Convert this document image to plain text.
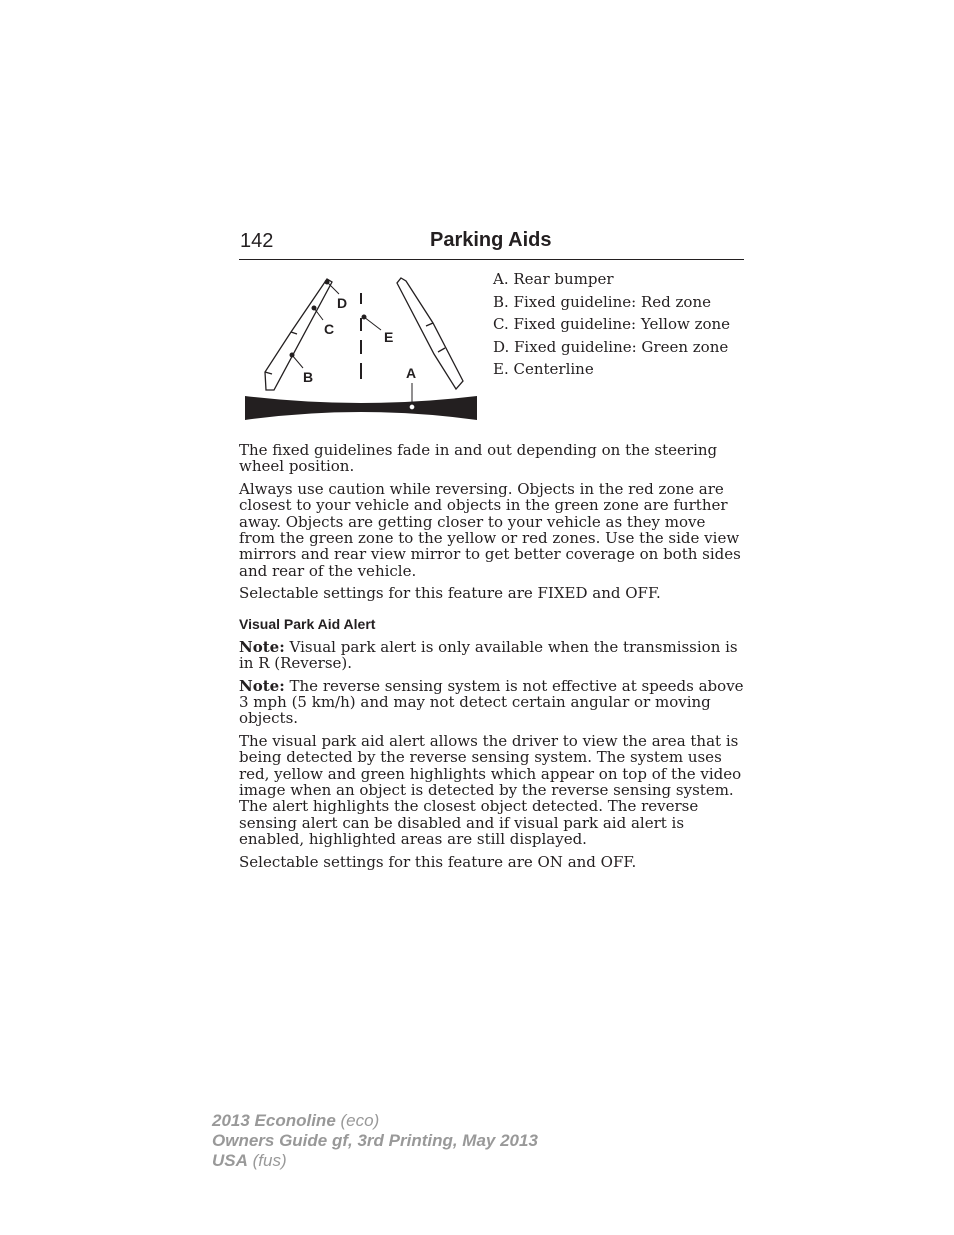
142	Parking Aids
D
C	E
B	A
A. Rear bumper
B. Fixed guideline: Red zone
C. Fixed guideline: Yellow zone
D. Fixed guideline: Green zone
E. Centerline

The fixed guidelines fade in and out depending on the steering wheel position.

Always use caution while reversing. Objects in the red zone are closest to your vehicle and objects in the green zone are further away. Objects are getting closer to your vehicle as they move from the green zone to the yellow or red zones. Use the side view mirrors and rear view mirror to get better coverage on both sides and rear of the vehicle.

Selectable settings for this feature are FIXED and OFF.

Visual Park Aid Alert

Note: Visual park alert is only available when the transmission is in R (Reverse).

Note: The reverse sensing system is not effective at speeds above 3 mph (5 km/h) and may not detect certain angular or moving objects.

The visual park aid alert allows the driver to view the area that is being detected by the reverse sensing system. The system uses red, yellow and green highlights which appear on top of the video image when an object is detected by the reverse sensing system. The alert highlights the closest object detected. The reverse sensing alert can be disabled and if visual park aid alert is enabled, highlighted areas are still displayed.

Selectable settings for this feature are ON and OFF.

2013 Econoline (eco)
Owners Guide gf, 3rd Printing, May 2013
USA (fus)
